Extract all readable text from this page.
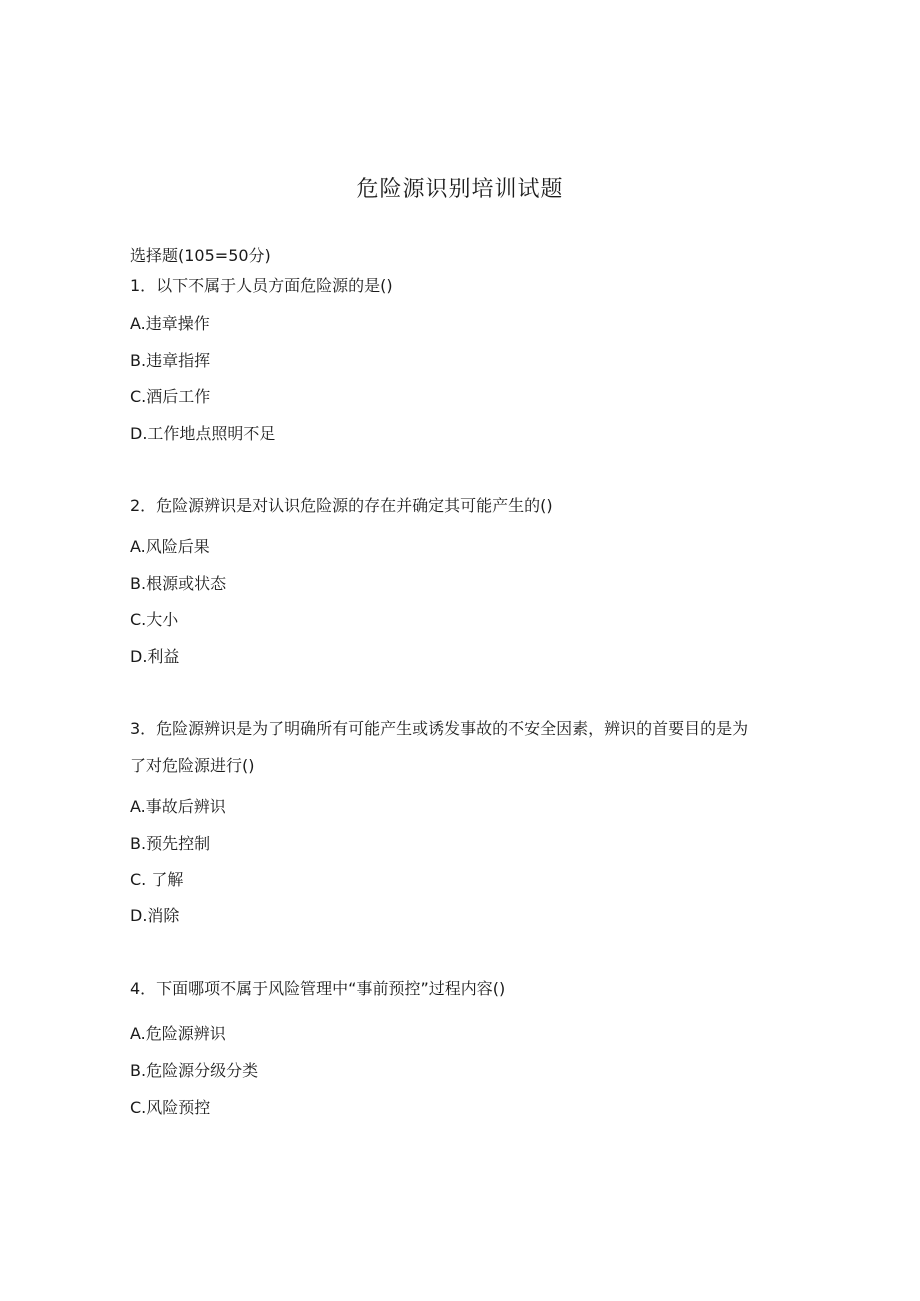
危险源识别培训试题
选择题(105=50分)
1．以下不属于人员方面危险源的是()
A.违章操作
B.违章指挥
C.酒后工作
D.工作地点照明不足
2．危险源辨识是对认识危险源的存在并确定其可能产生的()
A.风险后果
B.根源或状态
C.大小
D.利益
3．危险源辨识是为了明确所有可能产生或诱发事故的不安全因素，辨识的首要目的是为
了对危险源进行()
A.事故后辨识
B.预先控制
C. 了解
D.消除
4．下面哪项不属于风险管理中“事前预控”过程内容()
A.危险源辨识
B.危险源分级分类
C.风险预控
